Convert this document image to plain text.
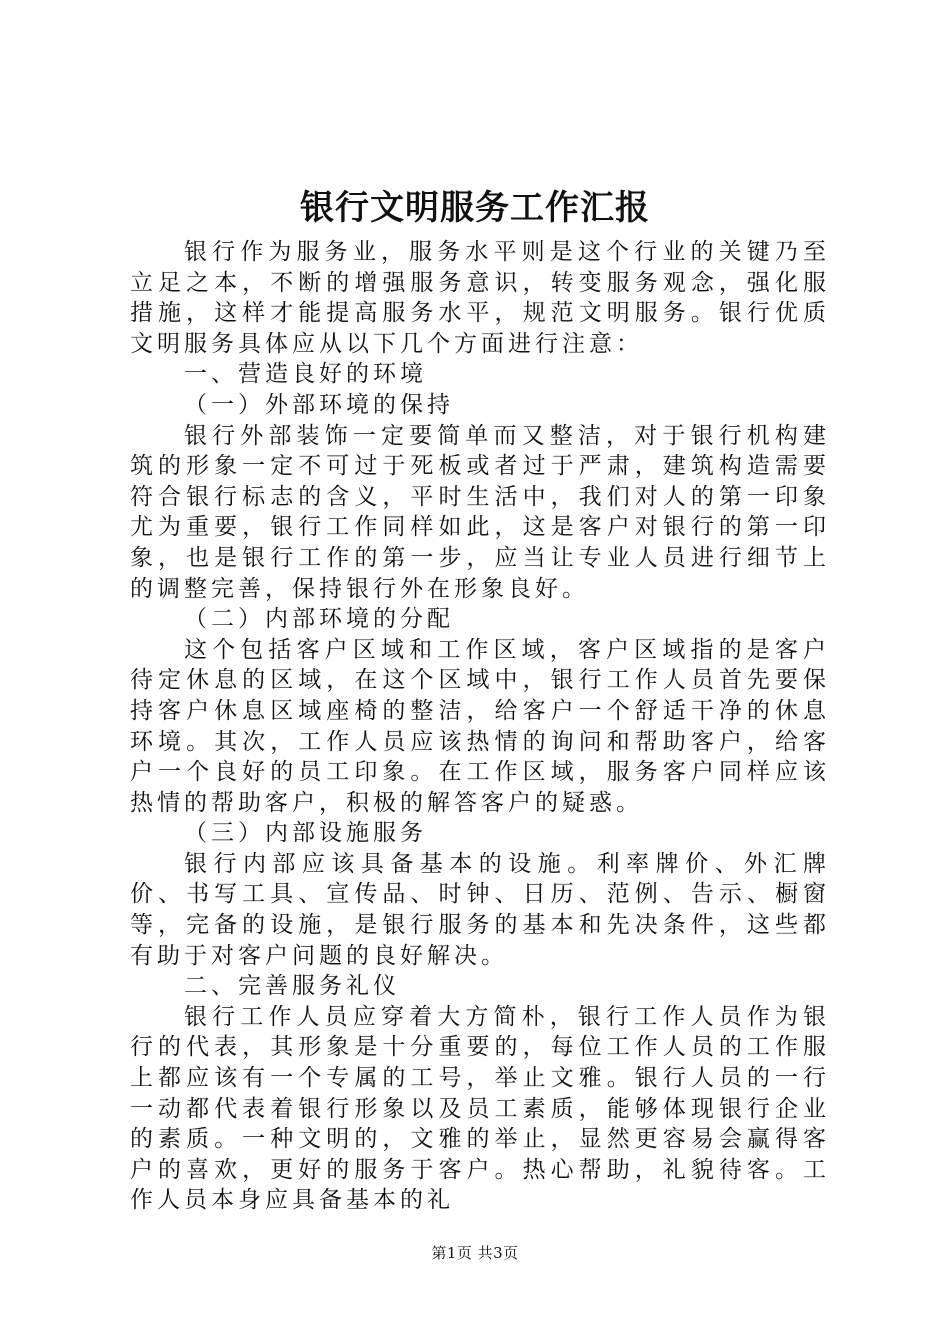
银行文明服务工作汇报

银行作为服务业，服务水平则是这个行业的关键乃至立足之本，不断的增强服务意识，转变服务观念，强化服措施，这样才能提高服务水平，规范文明服务。银行优质文明服务具体应从以下几个方面进行注意：

一、营造良好的环境

（一）外部环境的保持

银行外部装饰一定要简单而又整洁，对于银行机构建筑的形象一定不可过于死板或者过于严肃，建筑构造需要符合银行标志的含义，平时生活中，我们对人的第一印象尤为重要，银行工作同样如此，这是客户对银行的第一印象，也是银行工作的第一步，应当让专业人员进行细节上的调整完善，保持银行外在形象良好。

（二）内部环境的分配

这个包括客户区域和工作区域，客户区域指的是客户待定休息的区域，在这个区域中，银行工作人员首先要保持客户休息区域座椅的整洁，给客户一个舒适干净的休息环境。其次，工作人员应该热情的询问和帮助客户，给客户一个良好的员工印象。在工作区域，服务客户同样应该热情的帮助客户，积极的解答客户的疑惑。

（三）内部设施服务

银行内部应该具备基本的设施。利率牌价、外汇牌价、书写工具、宣传品、时钟、日历、范例、告示、橱窗等，完备的设施，是银行服务的基本和先决条件，这些都有助于对客户问题的良好解决。

二、完善服务礼仪

银行工作人员应穿着大方简朴，银行工作人员作为银行的代表，其形象是十分重要的，每位工作人员的工作服上都应该有一个专属的工号，举止文雅。银行人员的一行一动都代表着银行形象以及员工素质，能够体现银行企业的素质。一种文明的，文雅的举止，显然更容易会赢得客户的喜欢，更好的服务于客户。热心帮助，礼貌待客。工作人员本身应具备基本的礼

第1页 共3页
